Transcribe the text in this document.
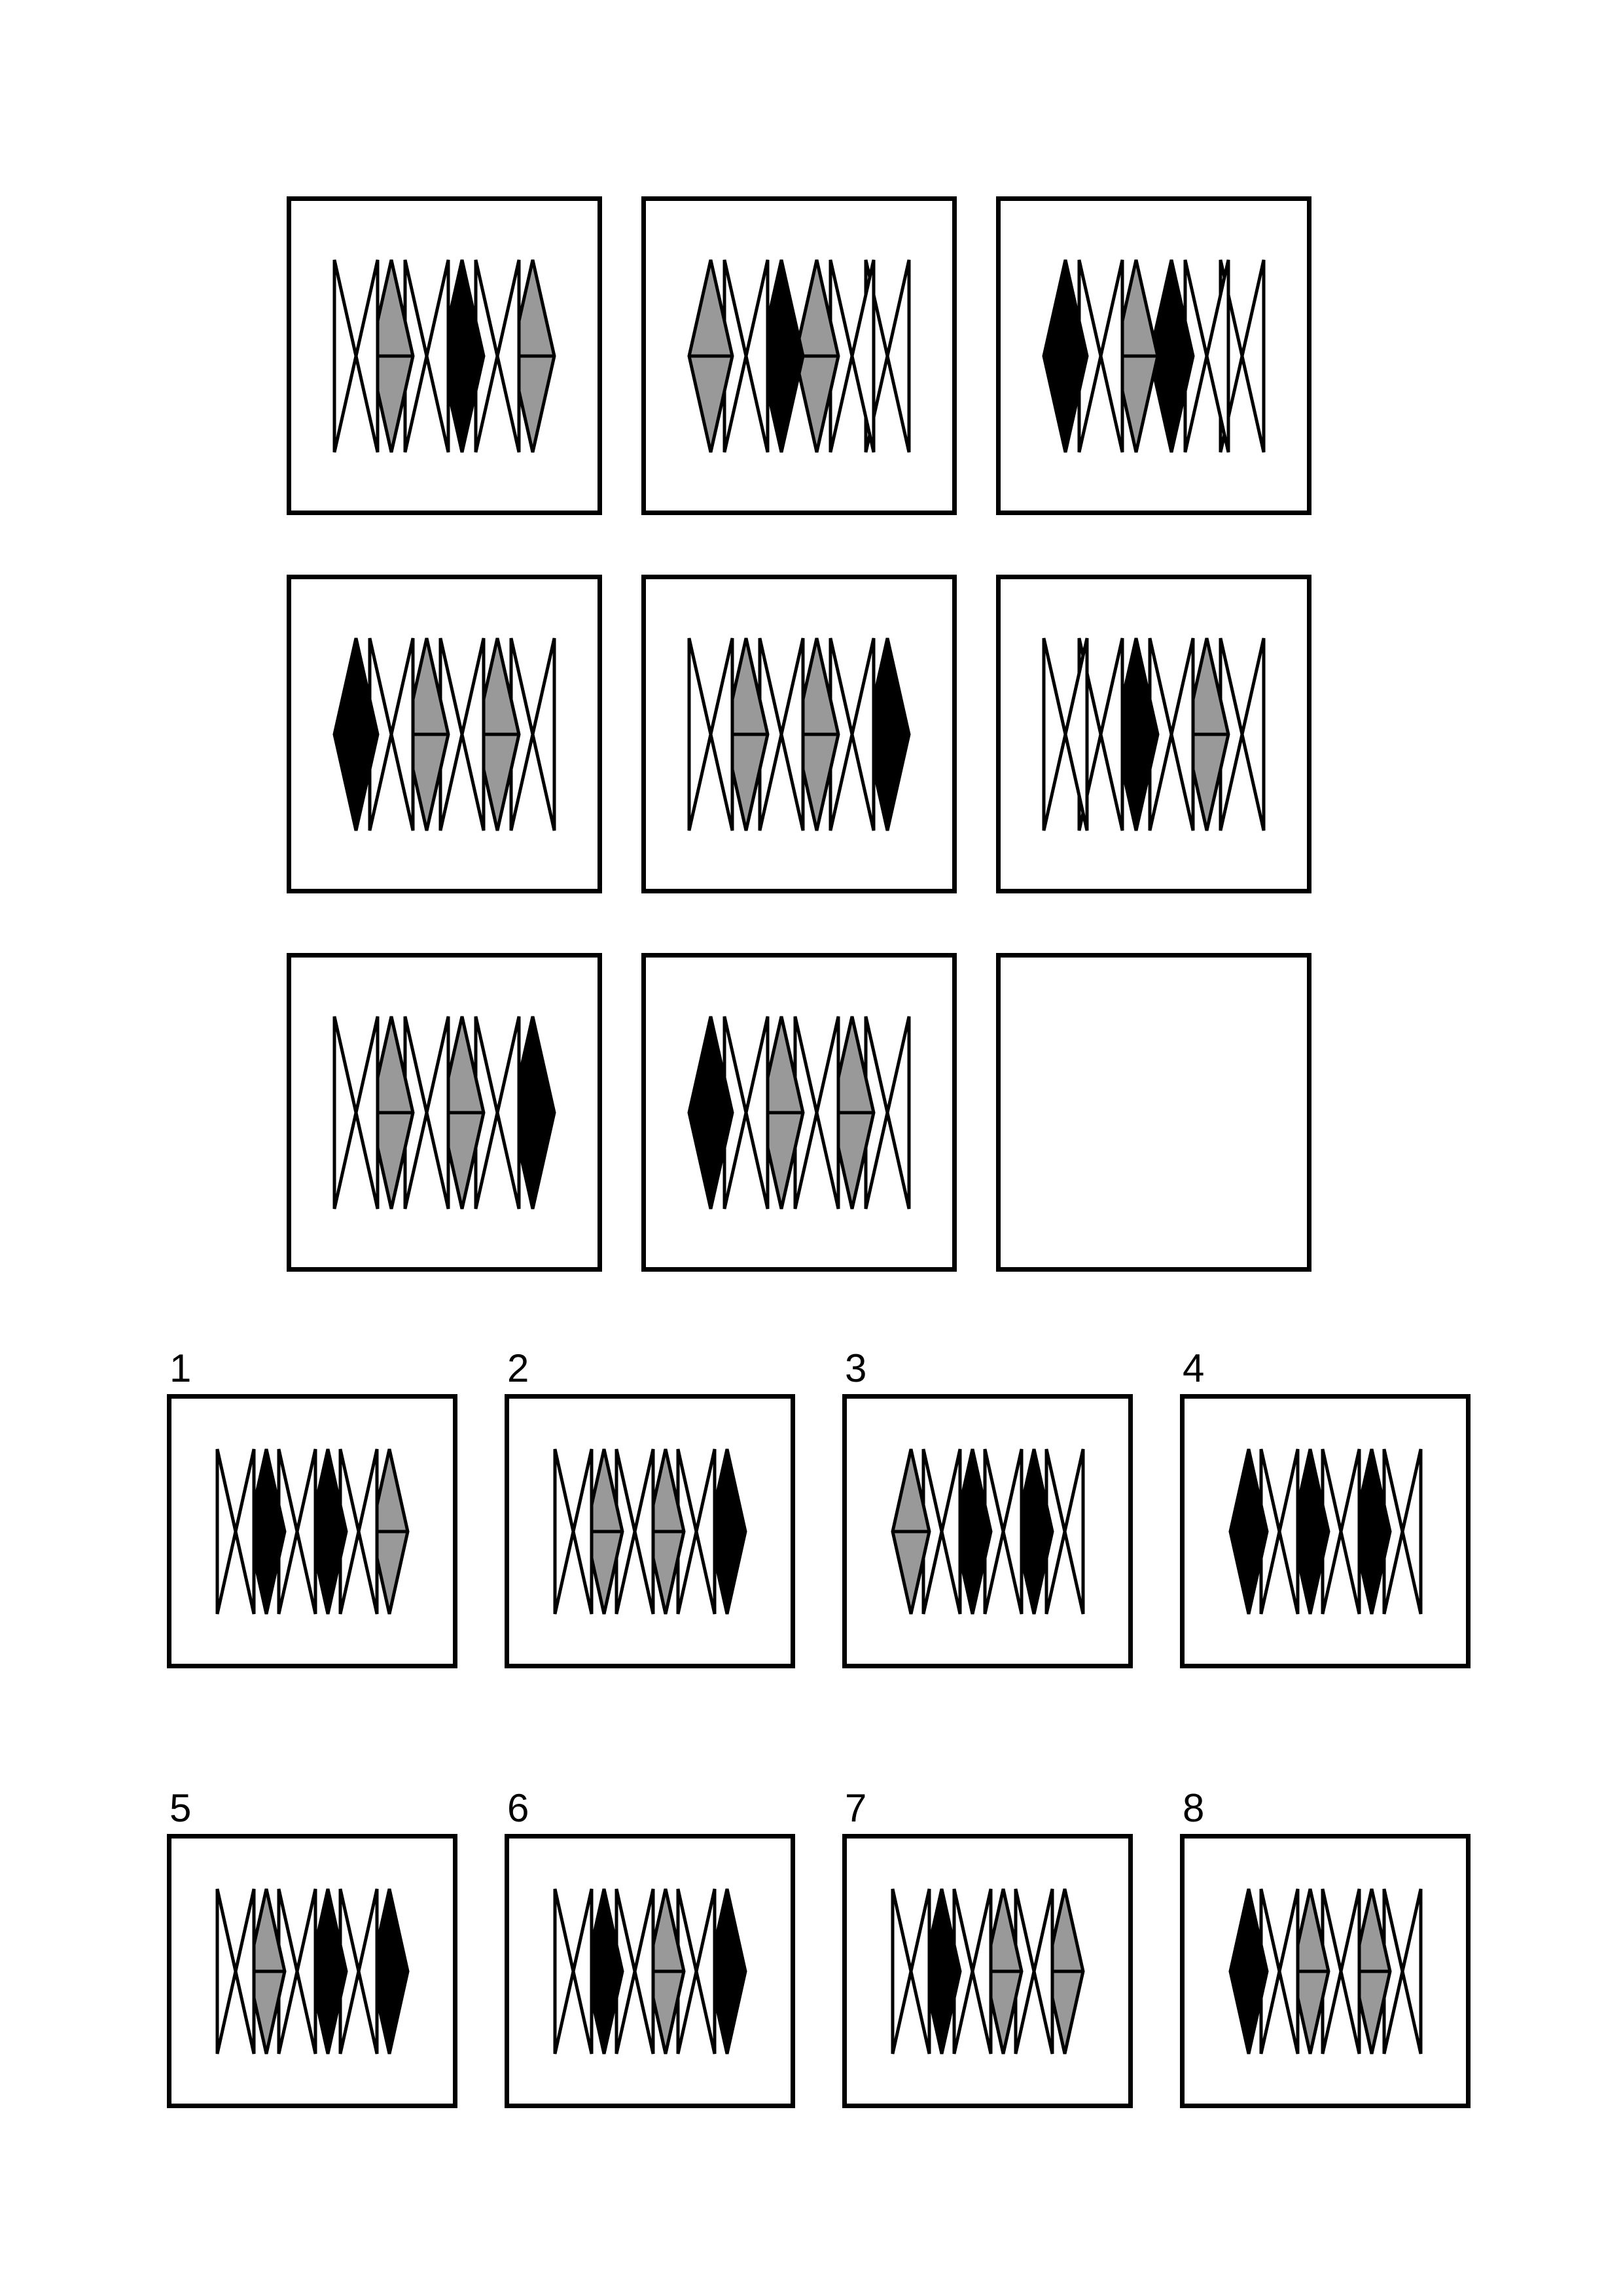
1	2	3	4
5	6	7	8
